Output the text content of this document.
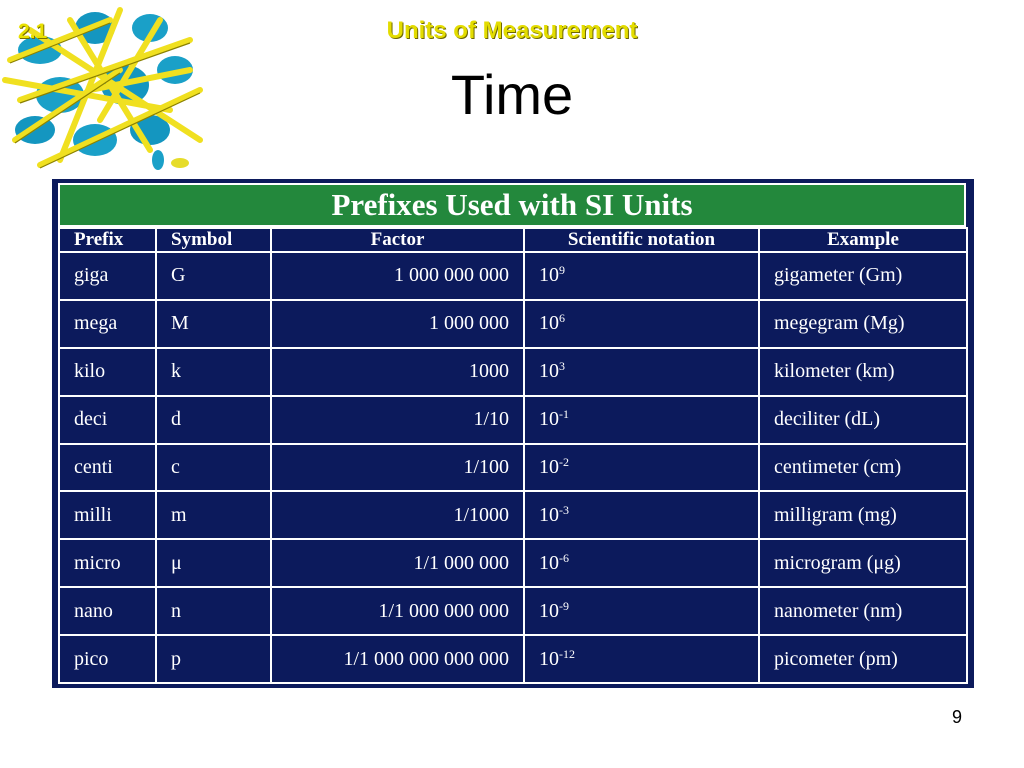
2.1	Units of Measurement
Time
Prefixes Used with SI Units
Prefix	Symbol	Factor	Scientific notation	Example
giga	G	1 000 000 000	$10^9$	gigameter (Gm)
mega	M	1 000 000	$10^6$	megegram (Mg)
kilo	k	1000	$10^3$	kilometer (km)
deci	d	1/10	$10^{-1}$	deciliter (dL)
centi	c	1/100	$10^{-2}$	centimeter (cm)
milli	m	1/1000	$10^{-3}$	milligram (mg)
micro	μ	1/1 000 000	$10^{-6}$	microgram (μg)
nano	n	1/1 000 000 000	$10^{-9}$	nanometer (nm)
pico	p	1/1 000 000 000 000	$10^{-12}$	picometer (pm)
9
